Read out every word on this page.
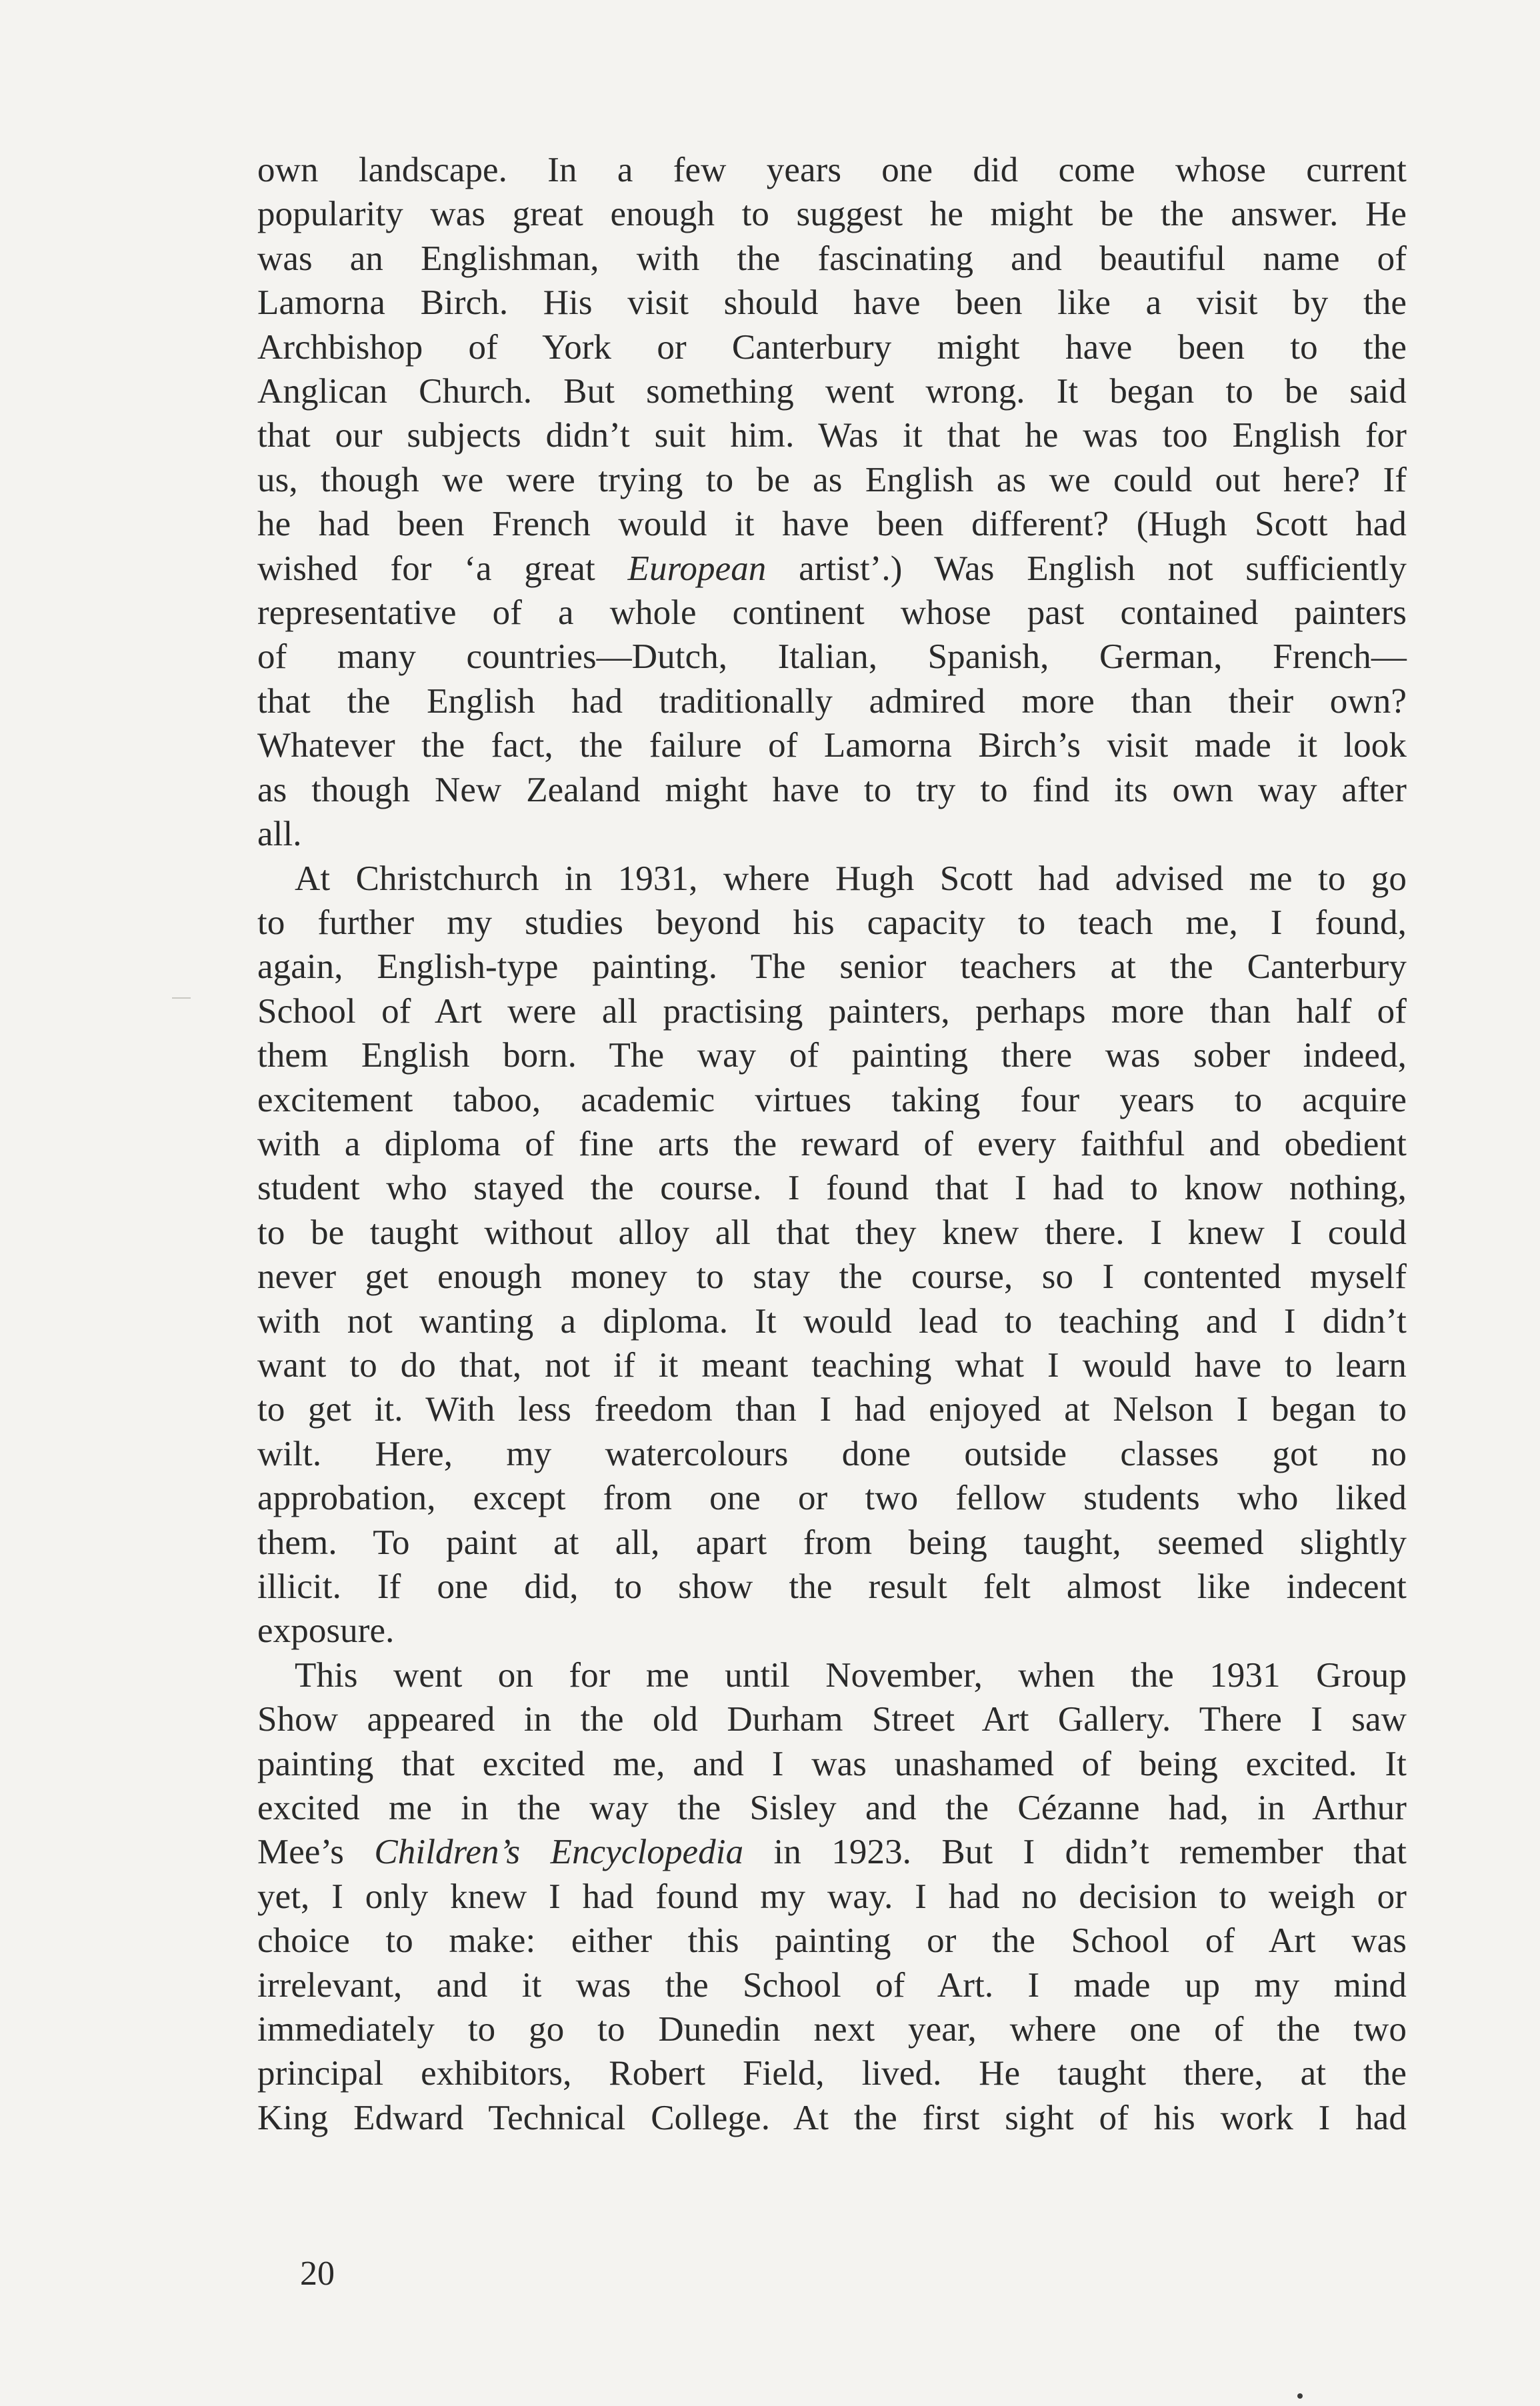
own landscape. In a few years one did come whose current
popularity was great enough to suggest he might be the answer. He
was an Englishman, with the fascinating and beautiful name of
Lamorna Birch. His visit should have been like a visit by the
Archbishop of York or Canterbury might have been to the
Anglican Church. But something went wrong. It began to be said
that our subjects didn’t suit him. Was it that he was too English for
us, though we were trying to be as English as we could out here? If
he had been French would it have been different? (Hugh Scott had
wished for ‘a great European artist’.) Was English not sufficiently
representative of a whole continent whose past contained painters
of many countries—Dutch, Italian, Spanish, German, French—
that the English had traditionally admired more than their own?
Whatever the fact, the failure of Lamorna Birch’s visit made it look
as though New Zealand might have to try to find its own way after
all.

At Christchurch in 1931, where Hugh Scott had advised me to go
to further my studies beyond his capacity to teach me, I found,
again, English-type painting. The senior teachers at the Canterbury
School of Art were all practising painters, perhaps more than half of
them English born. The way of painting there was sober indeed,
excitement taboo, academic virtues taking four years to acquire
with a diploma of fine arts the reward of every faithful and obedient
student who stayed the course. I found that I had to know nothing,
to be taught without alloy all that they knew there. I knew I could
never get enough money to stay the course, so I contented myself
with not wanting a diploma. It would lead to teaching and I didn’t
want to do that, not if it meant teaching what I would have to learn
to get it. With less freedom than I had enjoyed at Nelson I began to
wilt. Here, my watercolours done outside classes got no
approbation, except from one or two fellow students who liked
them. To paint at all, apart from being taught, seemed slightly
illicit. If one did, to show the result felt almost like indecent
exposure.

This went on for me until November, when the 1931 Group
Show appeared in the old Durham Street Art Gallery. There I saw
painting that excited me, and I was unashamed of being excited. It
excited me in the way the Sisley and the Cézanne had, in Arthur
Mee’s Children’s Encyclopedia in 1923. But I didn’t remember that
yet, I only knew I had found my way. I had no decision to weigh or
choice to make: either this painting or the School of Art was
irrelevant, and it was the School of Art. I made up my mind
immediately to go to Dunedin next year, where one of the two
principal exhibitors, Robert Field, lived. He taught there, at the
King Edward Technical College. At the first sight of his work I had

20
